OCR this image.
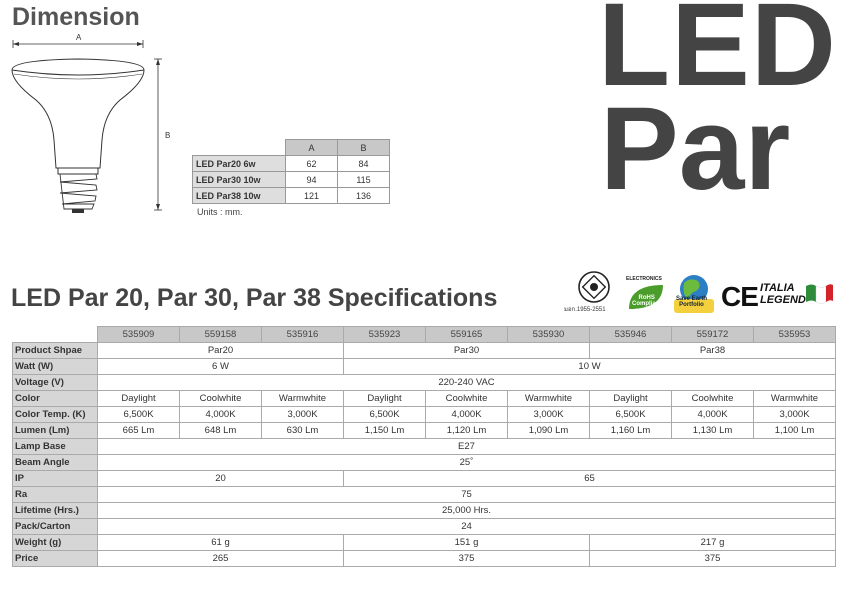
Dimension	LED
Par
A
B
	A	B
LED Par20 6w	62	84
LED Par30 10w	94	115
LED Par38 10w	121	136
Units : mm.
LED Par 20, Par 30, Par 38 Specifications	มอก.1955-2551
ELECTRONICS
RoHS
Compliant
Save Earth
Portfolio CE ITALIA
LEGEND
	535909	559158	535916	535923	559165	535930	535946	559172	535953
Product Shpae	Par20			Par30			Par38		
Watt (W)	6 W			10 W					
Voltage (V)	220-240 VAC								
Color	Daylight	Coolwhite	Warmwhite	Daylight	Coolwhite	Warmwhite	Daylight	Coolwhite	Warmwhite
Color Temp. (K)	6,500K	4,000K	3,000K	6,500K	4,000K	3,000K	6,500K	4,000K	3,000K
Lumen (Lm)	665 Lm	648 Lm	630 Lm	1,150 Lm	1,120 Lm	1,090 Lm	1,160 Lm	1,130 Lm	1,100 Lm
Lamp Base	E27								
Beam Angle	25˚								
IP	20			65					
Ra	75								
Lifetime (Hrs.)	25,000 Hrs.								
Pack/Carton	24								
Weight (g)	61 g			151 g			217 g		
Price	265			375			375		
